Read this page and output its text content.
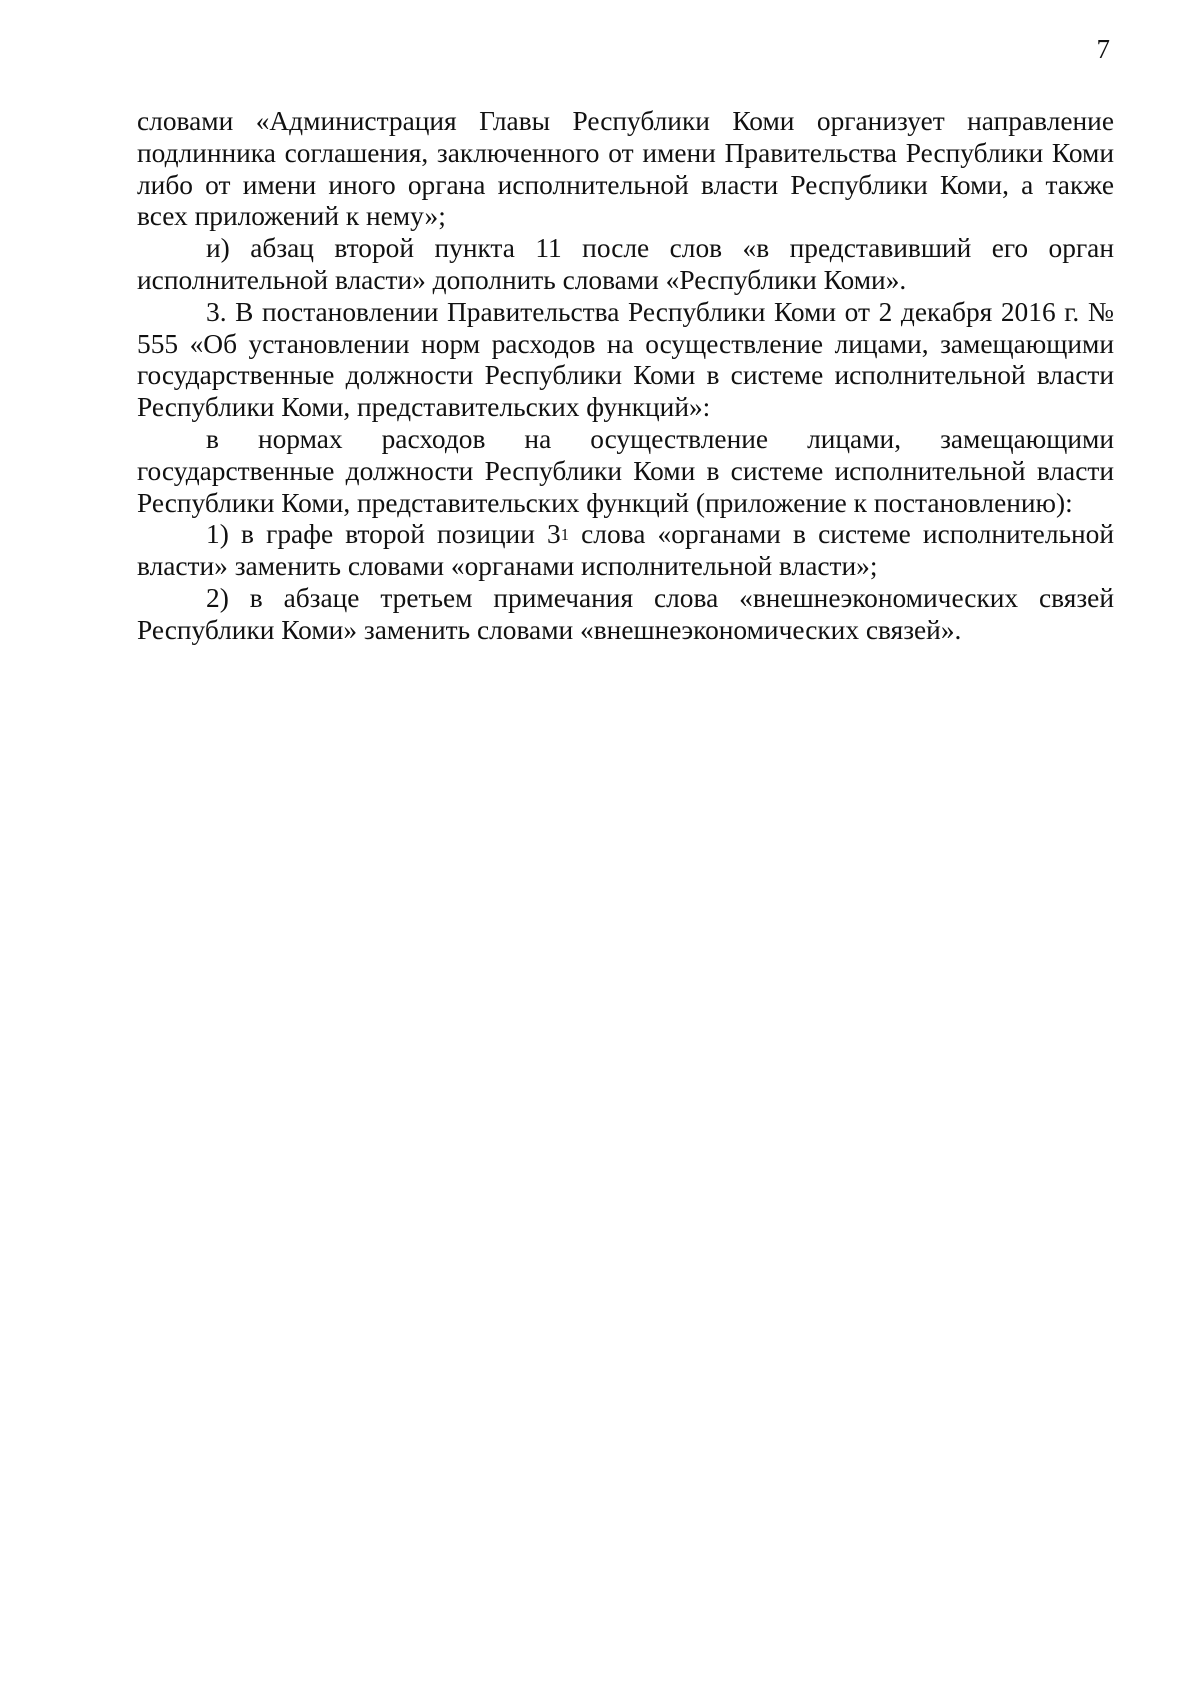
7

словами «Администрация Главы Республики Коми организует направление подлинника соглашения, заключенного от имени Правительства Республики Коми либо от имени иного органа исполнительной власти Республики Коми, а также всех приложений к нему»;

и) абзац второй пункта 11 после слов «в представивший его орган исполнительной власти» дополнить словами «Республики Коми».

3. В постановлении Правительства Республики Коми от 2 декабря 2016 г. № 555 «Об установлении норм расходов на осуществление лицами, замещающими государственные должности Республики Коми в системе исполнительной власти Республики Коми, представительских функций»:

в нормах расходов на осуществление лицами, замещающими государственные должности Республики Коми в системе исполнительной власти Республики Коми, представительских функций (приложение к постановлению):

1) в графе второй позиции $3^1$ слова «органами в системе исполнительной власти» заменить словами «органами исполнительной власти»;

2) в абзаце третьем примечания слова «внешнеэкономических связей Республики Коми» заменить словами «внешнеэкономических связей».
